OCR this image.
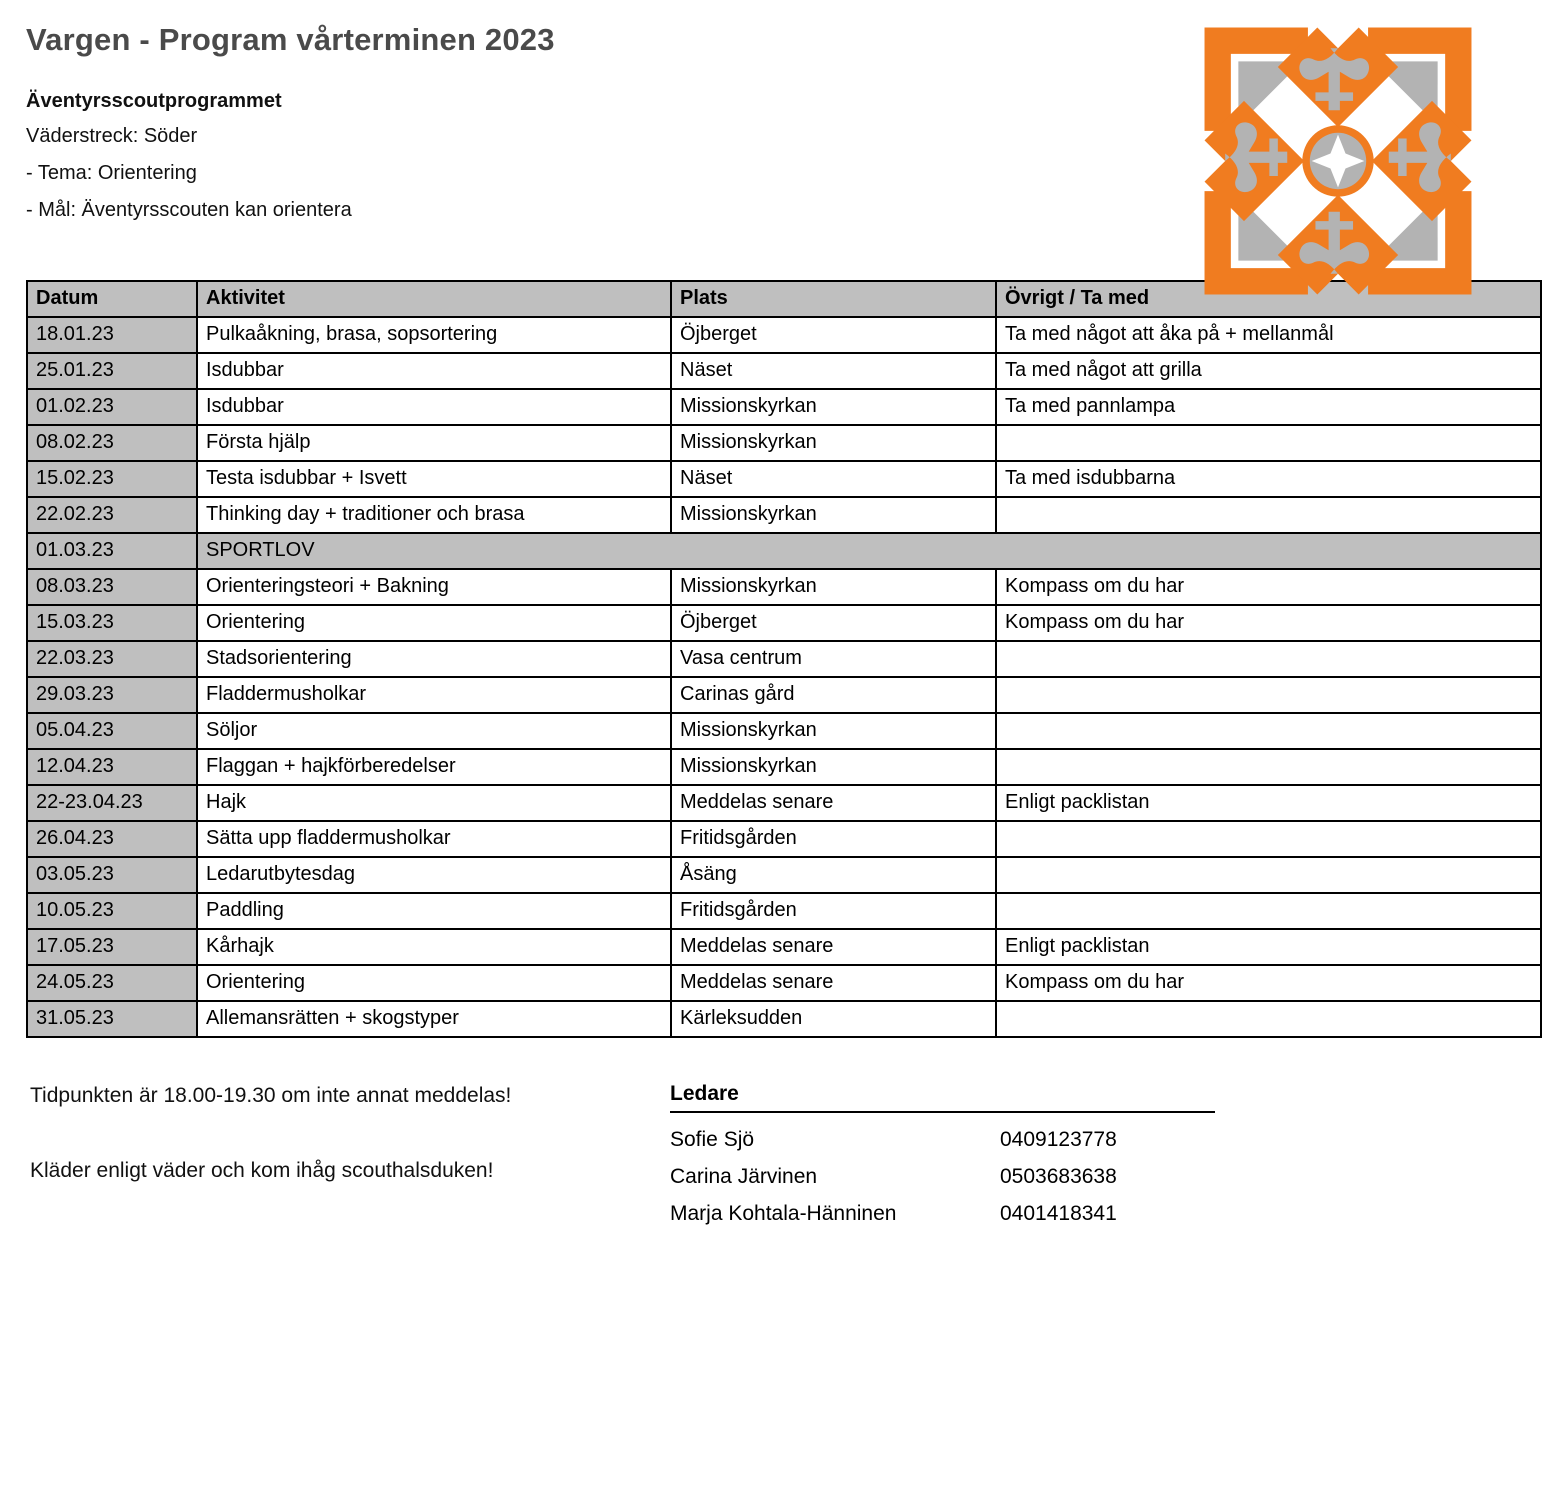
Vargen - Program vårterminen 2023
Äventyrsscoutprogrammet
Väderstreck: Söder
- Tema: Orientering
- Mål: Äventyrsscouten kan orientera
Datum	Aktivitet	Plats	Övrigt / Ta med
18.01.23	Pulkaåkning, brasa, sopsortering	Öjberget	Ta med något att åka på + mellanmål
25.01.23	Isdubbar	Näset	Ta med något att grilla
01.02.23	Isdubbar	Missionskyrkan	Ta med pannlampa
08.02.23	Första hjälp	Missionskyrkan	
15.02.23	Testa isdubbar + Isvett	Näset	Ta med isdubbarna
22.02.23	Thinking day + traditioner och brasa	Missionskyrkan	
01.03.23	SPORTLOV		
08.03.23	Orienteringsteori + Bakning	Missionskyrkan	Kompass om du har
15.03.23	Orientering	Öjberget	Kompass om du har
22.03.23	Stadsorientering	Vasa centrum	
29.03.23	Fladdermusholkar	Carinas gård	
05.04.23	Söljor	Missionskyrkan	
12.04.23	Flaggan + hajkförberedelser	Missionskyrkan	
22-23.04.23	Hajk	Meddelas senare	Enligt packlistan
26.04.23	Sätta upp fladdermusholkar	Fritidsgården	
03.05.23	Ledarutbytesdag	Åsäng	
10.05.23	Paddling	Fritidsgården	
17.05.23	Kårhajk	Meddelas senare	Enligt packlistan
24.05.23	Orientering	Meddelas senare	Kompass om du har
31.05.23	Allemansrätten + skogstyper	Kärleksudden	
Tidpunkten är 18.00-19.30 om inte annat meddelas!
Kläder enligt väder och kom ihåg scouthalsduken!
Ledare
Sofie Sjö	0409123778
Carina Järvinen	0503683638
Marja Kohtala-Hänninen	0401418341
